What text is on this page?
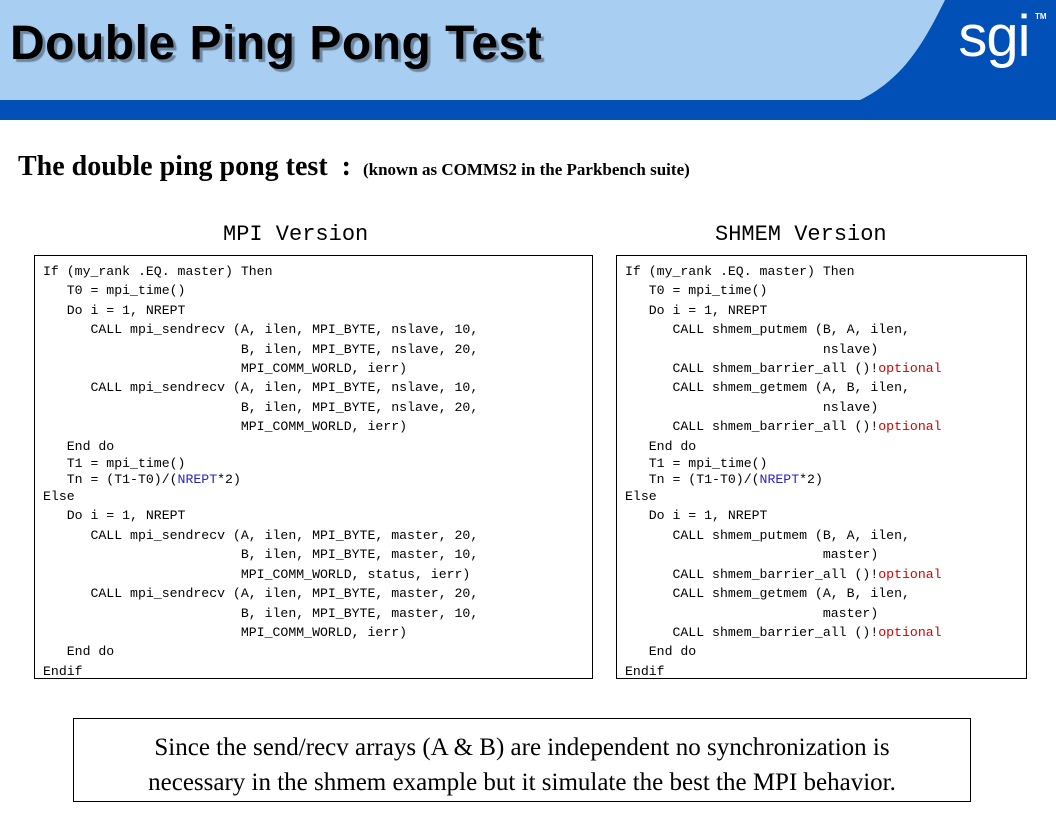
Double Ping Pong Test	sgi TM
The double ping pong test : (known as COMMS2 in the Parkbench suite)
MPI Version	SHMEM Version
If (my_rank .EQ. master) Then
T0 = mpi_time()
Do i = 1, NREPT
CALL mpi_sendrecv (A, ilen, MPI_BYTE, nslave, 10,
B, ilen, MPI_BYTE, nslave, 20,
MPI_COMM_WORLD, ierr)
CALL mpi_sendrecv (A, ilen, MPI_BYTE, nslave, 10,
B, ilen, MPI_BYTE, nslave, 20,
MPI_COMM_WORLD, ierr)
End do
T1 = mpi_time()
Tn = (T1-T0)/(NREPT*2)
Else
Do i = 1, NREPT
CALL mpi_sendrecv (A, ilen, MPI_BYTE, master, 20,
B, ilen, MPI_BYTE, master, 10,
MPI_COMM_WORLD, status, ierr)
CALL mpi_sendrecv (A, ilen, MPI_BYTE, master, 20,
B, ilen, MPI_BYTE, master, 10,
MPI_COMM_WORLD, ierr)
End do
Endif
If (my_rank .EQ. master) Then
T0 = mpi_time()
Do i = 1, NREPT
CALL shmem_putmem (B, A, ilen,
nslave)
CALL shmem_barrier_all ()!optional
CALL shmem_getmem (A, B, ilen,
nslave)
CALL shmem_barrier_all ()!optional
End do
T1 = mpi_time()
Tn = (T1-T0)/(NREPT*2)
Else
Do i = 1, NREPT
CALL shmem_putmem (B, A, ilen,
master)
CALL shmem_barrier_all ()!optional
CALL shmem_getmem (A, B, ilen,
master)
CALL shmem_barrier_all ()!optional
End do
Endif
Since the send/recv arrays (A & B) are independent no synchronization is
necessary in the shmem example but it simulate the best the MPI behavior.
